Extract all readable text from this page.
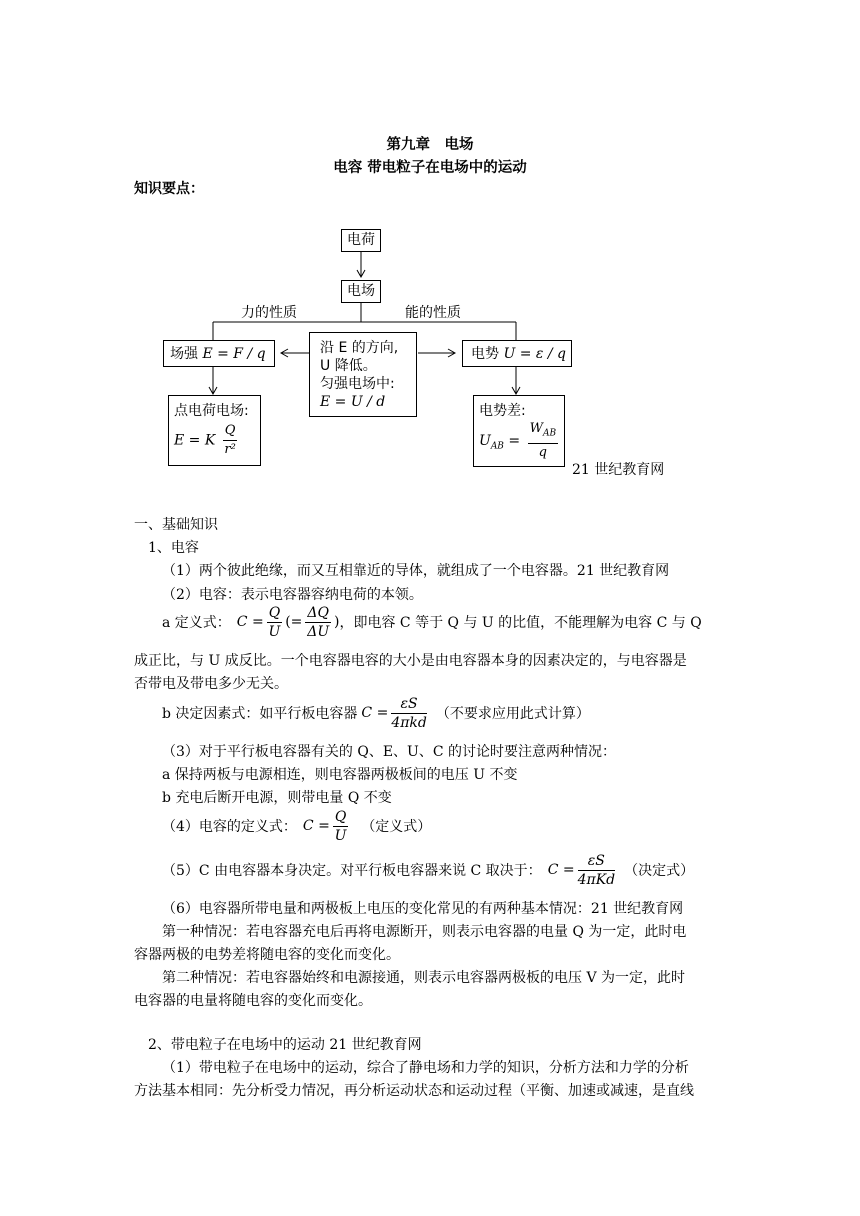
第九章　电场
电容 带电粒子在电场中的运动
知识要点：
电荷
电场
力的性质	能的性质
场强 E = F / q	沿 E 的方向,
U 降低。
匀强电场中:
E = U / d
电势 U = ε / q
点电荷电场:
E = K $\frac{Q}{\text{r²}}$
电势差:
$U_{AB} = \frac{W_{AB}}{q}$
21 世纪教育网
一、基础知识
1、电容
（1）两个彼此绝缘，而又互相靠近的导体，就组成了一个电容器。21 世纪教育网
（2）电容：表示电容器容纳电荷的本领。
a 定义式： $C = \frac{Q}{U}$ (= $\frac{\Delta Q}{\Delta U}$ ) ，即电容 C 等于 Q 与 U 的比值，不能理解为电容 C 与 Q
成正比，与 U 成反比。一个电容器电容的大小是由电容器本身的因素决定的，与电容器是
否带电及带电多少无关。
b 决定因素式：如平行板电容器 $C = \frac{\varepsilon S}{\text{4πkd}}$ （不要求应用此式计算）
（3）对于平行板电容器有关的 Q、E、U、C 的讨论时要注意两种情况：
a 保持两板与电源相连，则电容器两极板间的电压 U 不变
b 充电后断开电源，则带电量 Q 不变
（4）电容的定义式： $C = \frac{Q}{U}$ （定义式）
（5）C 由电容器本身决定。对平行板电容器来说 C 取决于： $C = \frac{\varepsilon S}{\text{4πKd}}$ （决定式）
（6）电容器所带电量和两极板上电压的变化常见的有两种基本情况：21 世纪教育网
第一种情况：若电容器充电后再将电源断开，则表示电容器的电量 Q 为一定，此时电
容器两极的电势差将随电容的变化而变化。
第二种情况：若电容器始终和电源接通，则表示电容器两极板的电压 V 为一定，此时
电容器的电量将随电容的变化而变化。
2、带电粒子在电场中的运动 21 世纪教育网
（1）带电粒子在电场中的运动，综合了静电场和力学的知识，分析方法和力学的分析
方法基本相同：先分析受力情况，再分析运动状态和运动过程（平衡、加速或减速，是直线
